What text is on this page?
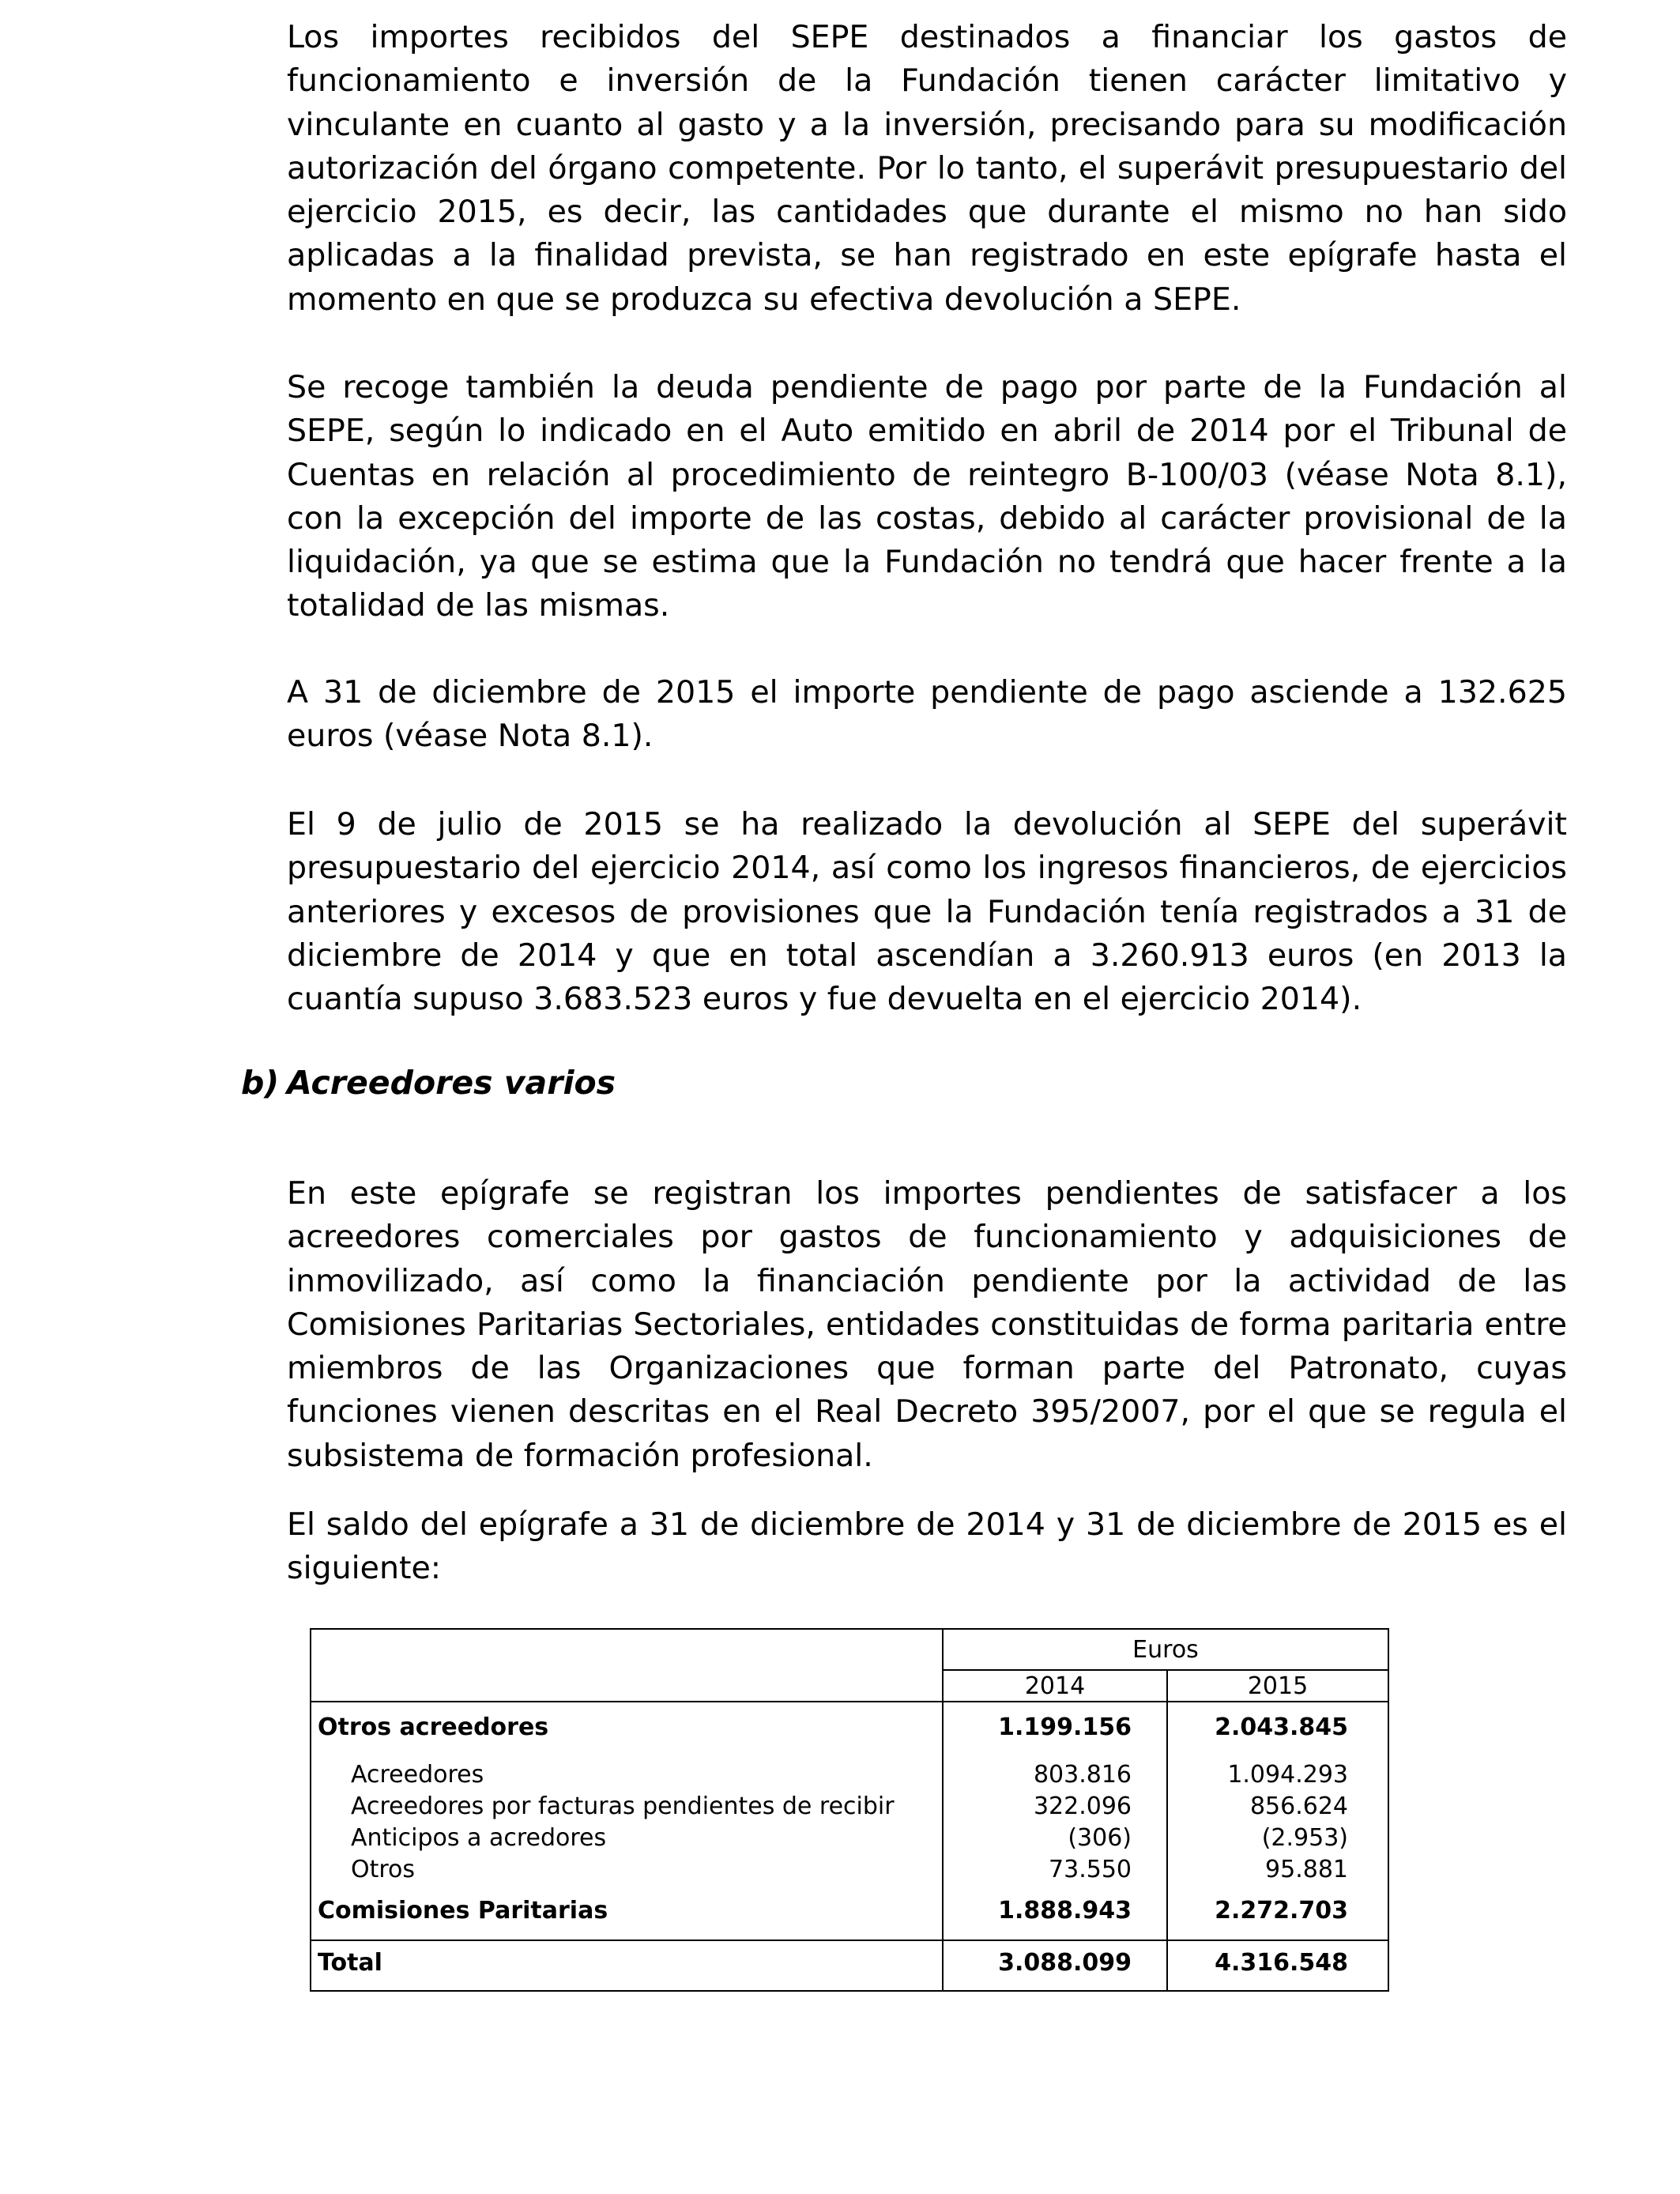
Los importes recibidos del SEPE destinados a financiar los gastos de funcionamiento e inversión de la Fundación tienen carácter limitativo y vinculante en cuanto al gasto y a la inversión, precisando para su modificación autorización del órgano competente. Por lo tanto, el superávit presupuestario del ejercicio 2015, es decir, las cantidades que durante el mismo no han sido aplicadas a la finalidad prevista, se han registrado en este epígrafe hasta el momento en que se produzca su efectiva devolución a SEPE.

Se recoge también la deuda pendiente de pago por parte de la Fundación al SEPE, según lo indicado en el Auto emitido en abril de 2014 por el Tribunal de Cuentas en relación al procedimiento de reintegro B-100/03 (véase Nota 8.1), con la excepción del importe de las costas, debido al carácter provisional de la liquidación, ya que se estima que la Fundación no tendrá que hacer frente a la totalidad de las mismas.

A 31 de diciembre de 2015 el importe pendiente de pago asciende a 132.625 euros (véase Nota 8.1).

El 9 de julio de 2015 se ha realizado la devolución al SEPE del superávit presupuestario del ejercicio 2014, así como los ingresos financieros, de ejercicios anteriores y excesos de provisiones que la Fundación tenía registrados a 31 de diciembre de 2014 y que en total ascendían a 3.260.913 euros (en 2013 la cuantía supuso 3.683.523 euros y fue devuelta en el ejercicio 2014).

b) Acreedores varios

En este epígrafe se registran los importes pendientes de satisfacer a los acreedores comerciales por gastos de funcionamiento y adquisiciones de inmovilizado, así como la financiación pendiente por la actividad de las Comisiones Paritarias Sectoriales, entidades constituidas de forma paritaria entre miembros de las Organizaciones que forman parte del Patronato, cuyas funciones vienen descritas en el Real Decreto 395/2007, por el que se regula el subsistema de formación profesional.

El saldo del epígrafe a 31 de diciembre de 2014 y 31 de diciembre de 2015 es el siguiente:

Euros
2014	2015
Otros acreedores	1.199.156	2.043.845
Acreedores	803.816	1.094.293
Acreedores por facturas pendientes de recibir	322.096	856.624
Anticipos a acredores	(306)	(2.953)
Otros	73.550	95.881
Comisiones Paritarias	1.888.943	2.272.703
Total	3.088.099	4.316.548
